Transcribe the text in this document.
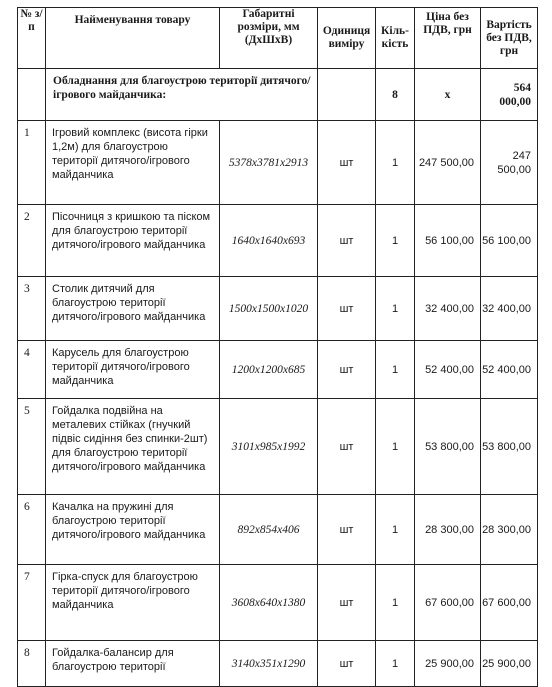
№ з/п	Найменування товару	Габаритні розміри, мм (ДхШхВ)	Одиниця виміру	Кіль-кість	Ціна без ПДВ, грн	Вартість без ПДВ, грн
	Обладнання для благоустрою території дитячого/ігрового майданчика:			8	х	564 000,00
1	Ігровий комплекс (висота гірки 1,2м) для благоустрою території дитячого/ігрового майданчика	5378х3781х2913	шт	1	247 500,00	247 500,00
2	Пісочниця з кришкою та піском для благоустрою території дитячого/ігрового майданчика	1640х1640х693	шт	1	56 100,00	56 100,00
3	Столик дитячий для благоустрою території дитячого/ігрового майданчика	1500х1500х1020	шт	1	32 400,00	32 400,00
4	Карусель для благоустрою території дитячого/ігрового майданчика	1200х1200х685	шт	1	52 400,00	52 400,00
5	Гойдалка подвійна на металевих стійках (гнучкий підвіс сидіння без спинки-2шт) для благоустрою території дитячого/ігрового майданчика	3101х985х1992	шт	1	53 800,00	53 800,00
6	Качалка на пружині для благоустрою території дитячого/ігрового майданчика	892х854х406	шт	1	28 300,00	28 300,00
7	Гірка-спуск для благоустрою території дитячого/ігрового майданчика	3608х640х1380	шт	1	67 600,00	67 600,00
8	Гойдалка-балансир для благоустрою території	3140х351х1290	шт	1	25 900,00	25 900,00
